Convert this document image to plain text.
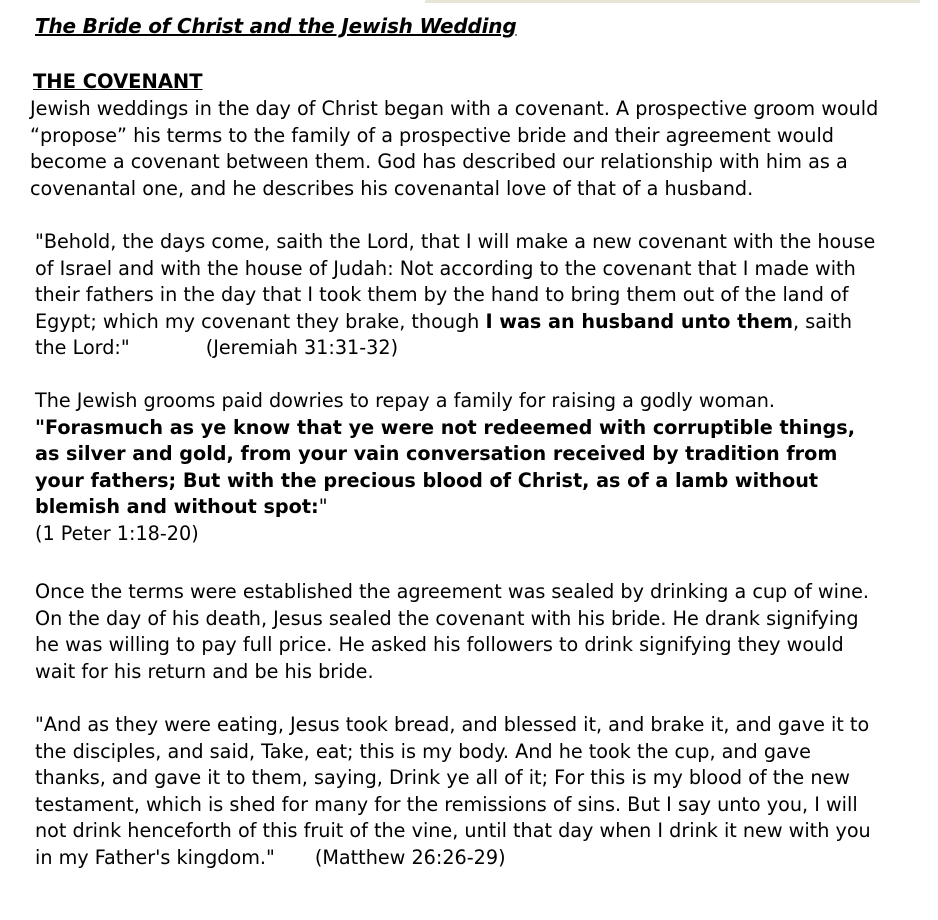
The Bride of Christ and the Jewish Wedding
THE COVENANT
Jewish weddings in the day of Christ began with a covenant. A prospective groom would
“propose” his terms to the family of a prospective bride and their agreement would
become a covenant between them. God has described our relationship with him as a
covenantal one, and he describes his covenantal love of that of a husband.
"Behold, the days come, saith the Lord, that I will make a new covenant with the house
of Israel and with the house of Judah: Not according to the covenant that I made with
their fathers in the day that I took them by the hand to bring them out of the land of
Egypt; which my covenant they brake, though I was an husband unto them, saith
the Lord:"	(Jeremiah 31:31-32)
The Jewish grooms paid dowries to repay a family for raising a godly woman.
"Forasmuch as ye know that ye were not redeemed with corruptible things,
as silver and gold, from your vain conversation received by tradition from
your fathers; But with the precious blood of Christ, as of a lamb without
blemish and without spot:"
(1 Peter 1:18-20)
Once the terms were established the agreement was sealed by drinking a cup of wine.
On the day of his death, Jesus sealed the covenant with his bride. He drank signifying
he was willing to pay full price. He asked his followers to drink signifying they would
wait for his return and be his bride.
"And as they were eating, Jesus took bread, and blessed it, and brake it, and gave it to
the disciples, and said, Take, eat; this is my body. And he took the cup, and gave
thanks, and gave it to them, saying, Drink ye all of it; For this is my blood of the new
testament, which is shed for many for the remissions of sins. But I say unto you, I will
not drink henceforth of this fruit of the vine, until that day when I drink it new with you
in my Father's kingdom." (Matthew 26:26-29)
